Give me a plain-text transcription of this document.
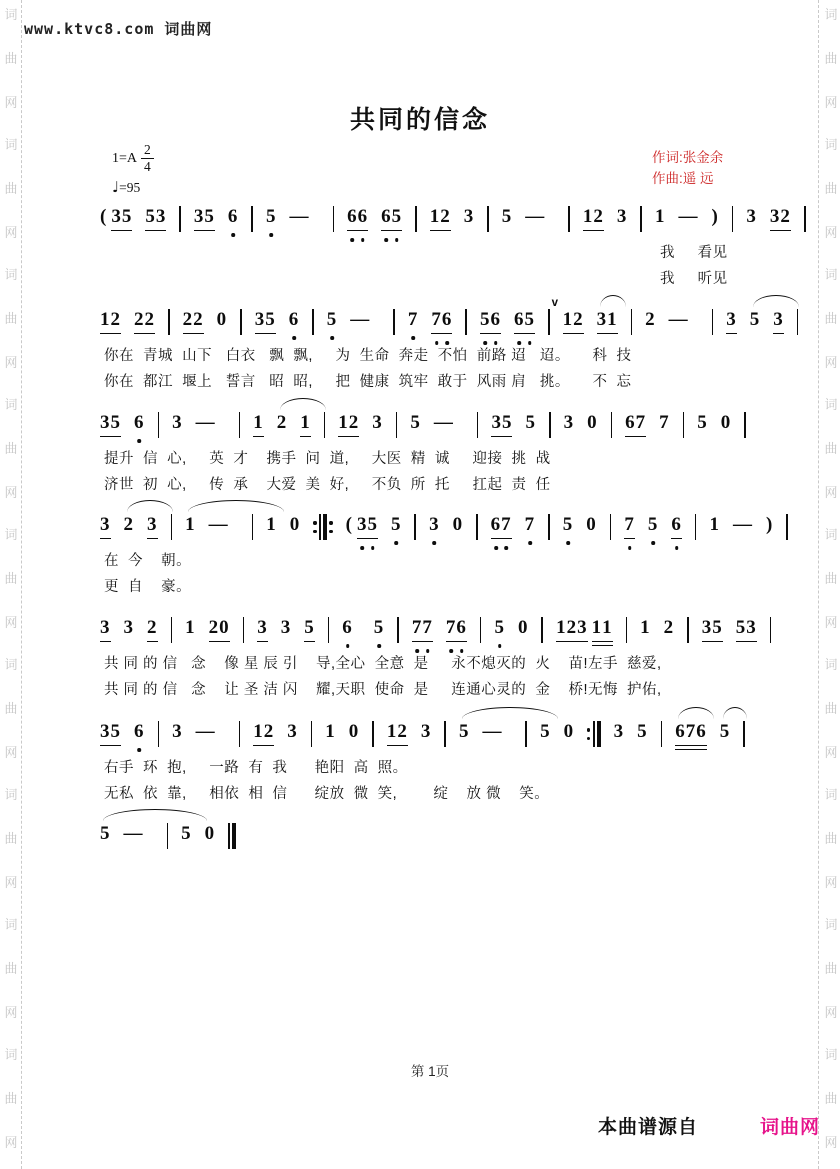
词
曲
网
词
曲
网
词
曲
网
词
曲
网
词
曲
网
词
曲
网
词
曲
网
词
曲
网
词
曲
网
词
曲
网
词
曲
网
词
曲
网
词
曲
网
词
曲
网
词
曲
网
词
曲
网
词
曲
网
词
曲
网
www.ktvc8.com 词曲网
共同的信念
作词:张金余
作曲:遥 远
$1=A \frac{2}{4}$
♩=95
( 35 53 35 6 5 — 6
6 6
5 12 3 5 — 12 3 1 — ) 3 32
我     看见
我     听见
12 22 22 0 35 6 5 — 7 7
6 5
6 6
5 12
v
31 2 — 3 5 3
你在  青城  山下   白衣   飘  飘,     为  生命  奔走  不怕  前路 迢   迢。     科  技
你在  都江  堰上   誓言   昭  昭,     把  健康  筑牢  敢于  风雨 肩   挑。     不  忘
35 6 3 — 1 2 1 12 3 5 — 35 5 3 0 67 7 5 0
提升  信  心,     英  才    携手  问  道,     大医  精  诚     迎接  挑  战
济世  初  心,     传  承    大爱  美  好,     不负  所  托     扛起  责  任
3 2 3 1 — 1 0 ( 3
5 5 3 0 6
7 7 5 0 7 5 6 1 — )
在  今    朝。
更  自    豪。
3 3 2 1 20 3 3 5 6 5 7
7 7
6 5 0 123 11 1 2 35 53
共 同 的 信   念    像 星 辰 引    导,全心  全意  是     永不熄灭的  火    苗!左手  慈爱,
共 同 的 信   念    让 圣 洁 闪    耀,天职  使命  是     连通心灵的  金    桥!无悔  护佑,
35 6 3 — 12 3 1 0 12 3 5 — 5 0 3 5 676 5
右手  环  抱,     一路  有  我      艳阳  高  照。
无私  依  靠,     相依  相  信      绽放  微  笑,        绽    放 微    笑。
5 — 5 0
第 1页
本曲谱源自	词曲网
